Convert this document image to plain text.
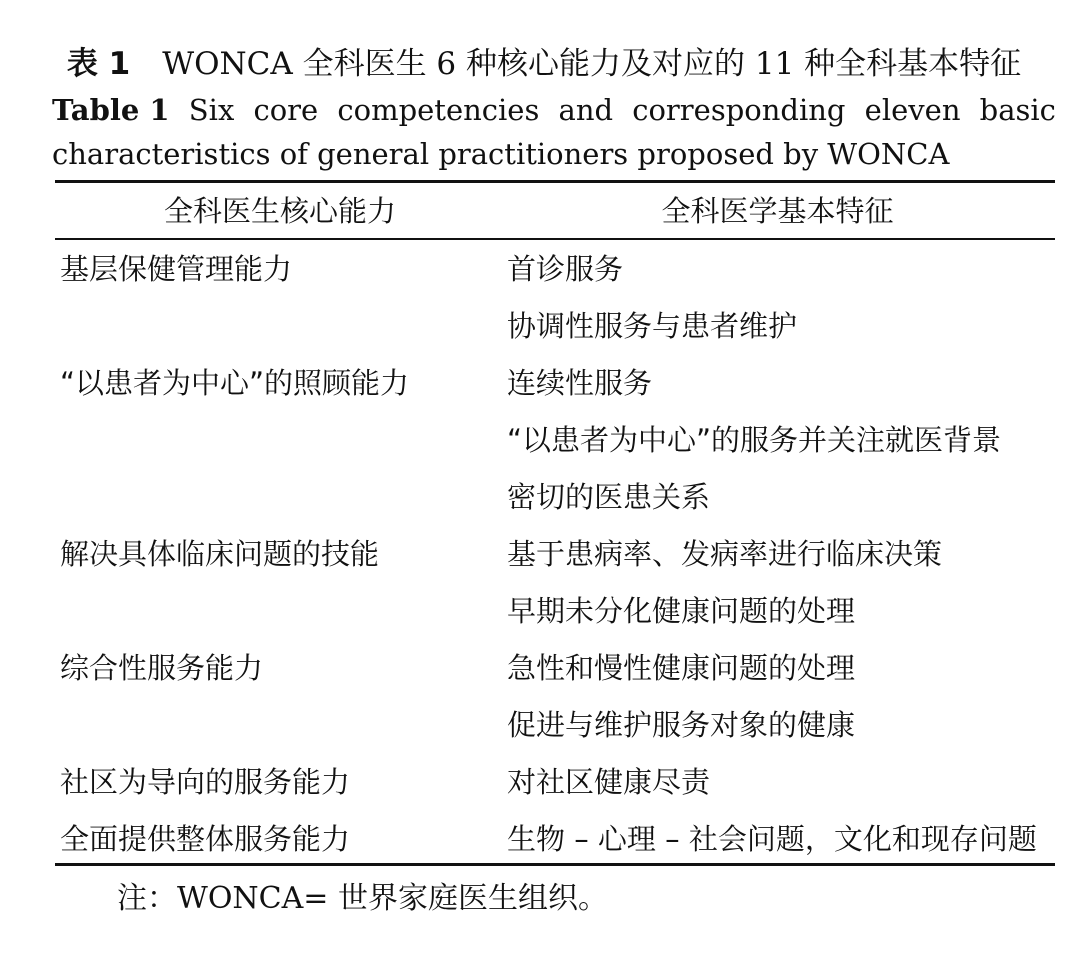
表 1 WONCA 全科医生 6 种核心能力及对应的 11 种全科基本特征
Table 1 Six core competencies and corresponding eleven basic
characteristics of general practitioners proposed by WONCA
全科医生核心能力	全科医学基本特征
基层保健管理能力	首诊服务
协调性服务与患者维护
“以患者为中心”的照顾能力	连续性服务
“以患者为中心”的服务并关注就医背景
密切的医患关系
解决具体临床问题的技能	基于患病率、发病率进行临床决策
早期未分化健康问题的处理
综合性服务能力	急性和慢性健康问题的处理
促进与维护服务对象的健康
社区为导向的服务能力	对社区健康尽责
全面提供整体服务能力	生物 – 心理 – 社会问题，文化和现存问题
注：WONCA= 世界家庭医生组织。
